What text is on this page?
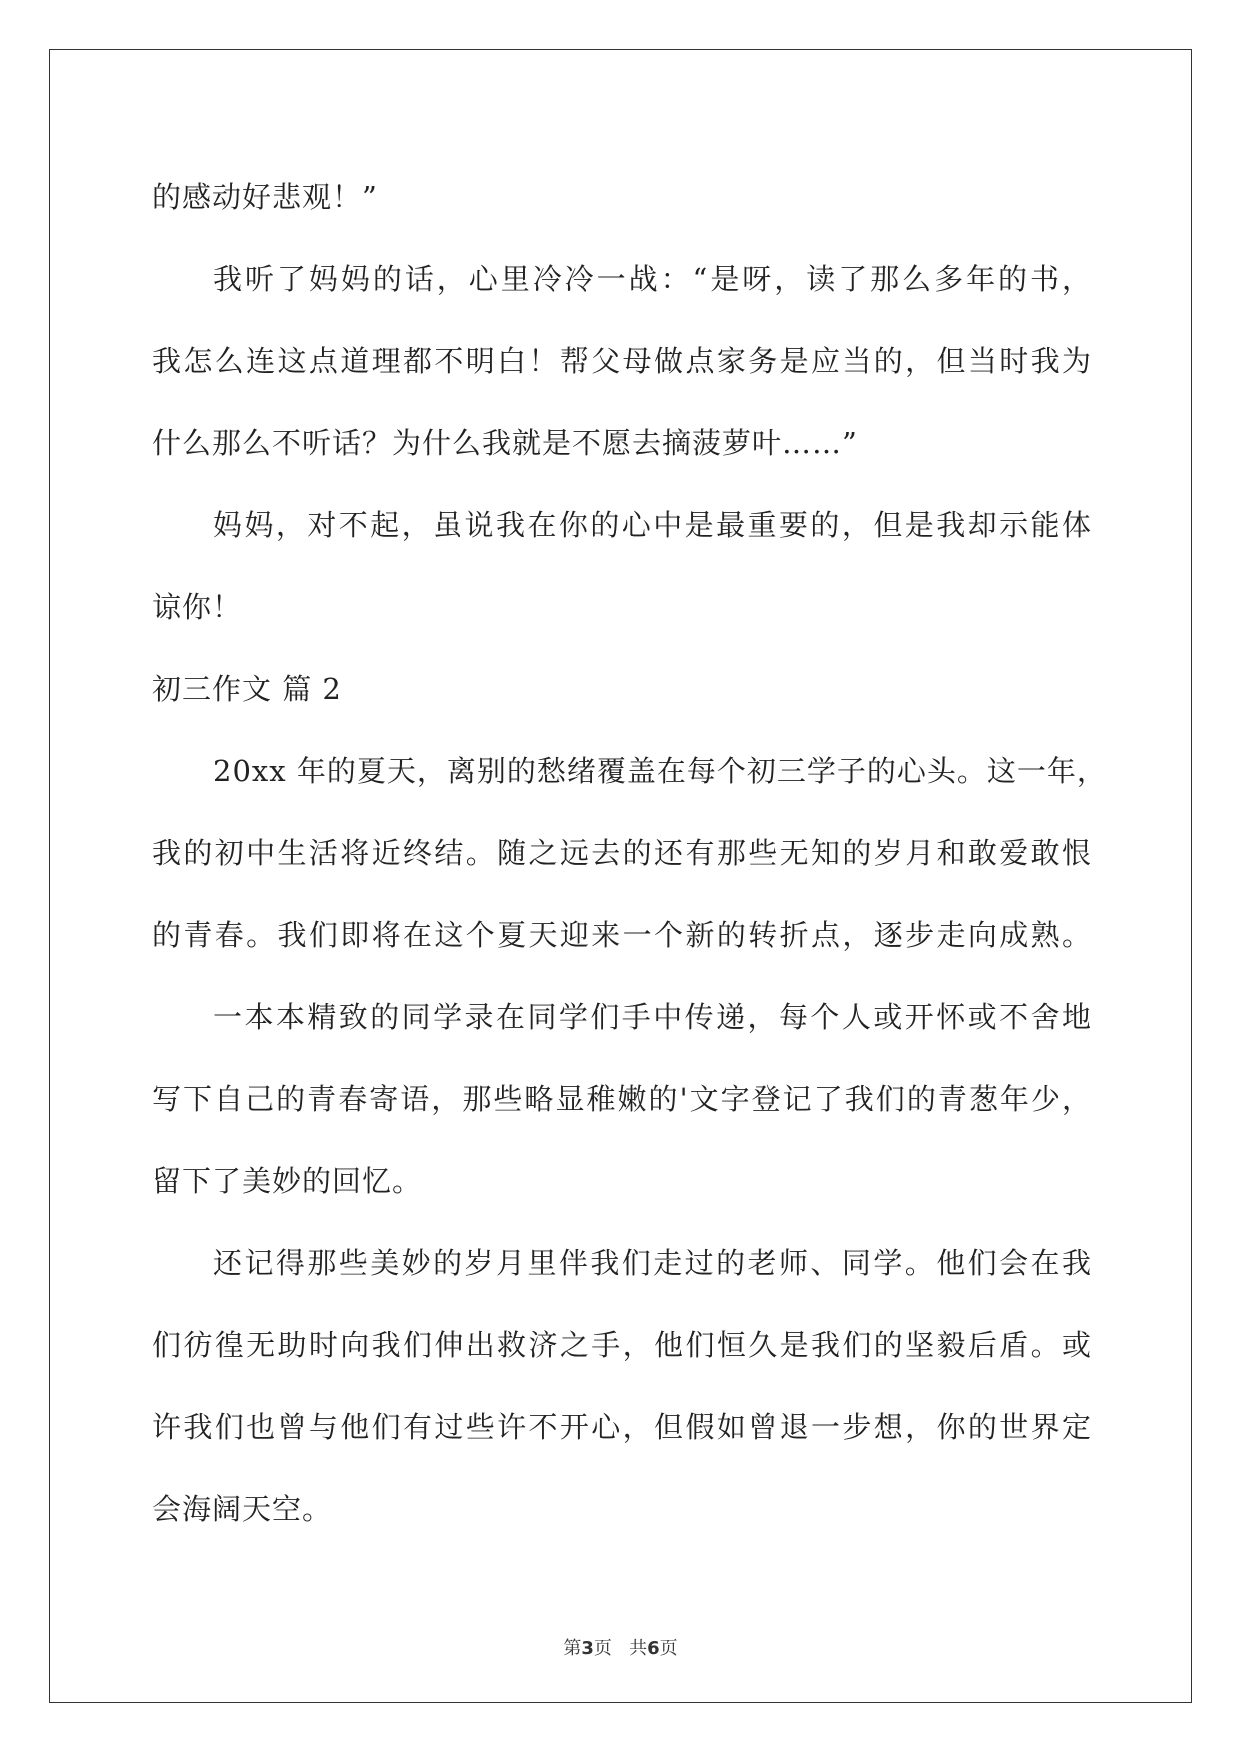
的感动好悲观！”
我听了妈妈的话，心里冷冷一战：“是呀，读了那么多年的书，
我怎么连这点道理都不明白！帮父母做点家务是应当的，但当时我为
什么那么不听话？为什么我就是不愿去摘菠萝叶……”
妈妈，对不起，虽说我在你的心中是最重要的，但是我却示能体
谅你！
初三作文 篇 2
20xx 年的夏天，离别的愁绪覆盖在每个初三学子的心头。这一年，
我的初中生活将近终结。随之远去的还有那些无知的岁月和敢爱敢恨
的青春。我们即将在这个夏天迎来一个新的转折点，逐步走向成熟。
一本本精致的同学录在同学们手中传递，每个人或开怀或不舍地
写下自己的青春寄语，那些略显稚嫩的'文字登记了我们的青葱年少，
留下了美妙的回忆。
还记得那些美妙的岁月里伴我们走过的老师、同学。他们会在我
们彷徨无助时向我们伸出救济之手，他们恒久是我们的坚毅后盾。或
许我们也曾与他们有过些许不开心，但假如曾退一步想，你的世界定
会海阔天空。
第3页   共6页
